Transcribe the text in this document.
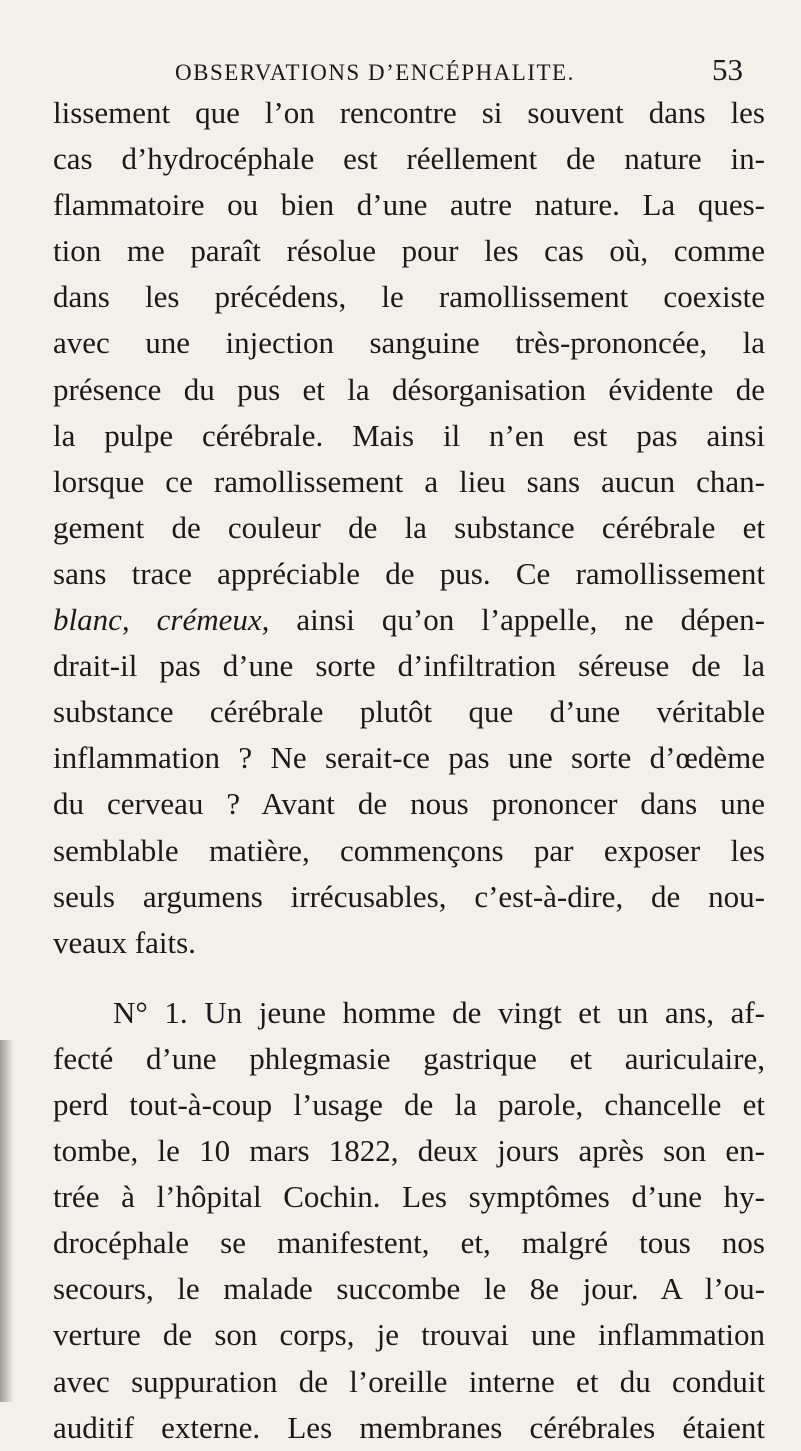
OBSERVATIONS D’ENCÉPHALITE.	53
lissement que l’on rencontre si souvent dans les
cas d’hydrocéphale est réellement de nature in-
flammatoire ou bien d’une autre nature. La ques-
tion me paraît résolue pour les cas où, comme
dans les précédens, le ramollissement coexiste
avec une injection sanguine très-prononcée, la
présence du pus et la désorganisation évidente de
la pulpe cérébrale. Mais il n’en est pas ainsi
lorsque ce ramollissement a lieu sans aucun chan-
gement de couleur de la substance cérébrale et
sans trace appréciable de pus. Ce ramollissement
blanc, crémeux, ainsi qu’on l’appelle, ne dépen-
drait-il pas d’une sorte d’infiltration séreuse de la
substance cérébrale plutôt que d’une véritable
inflammation ? Ne serait-ce pas une sorte d’œdème
du cerveau ? Avant de nous prononcer dans une
semblable matière, commençons par exposer les
seuls argumens irrécusables, c’est-à-dire, de nou-
veaux faits.
N° 1. Un jeune homme de vingt et un ans, af-
fecté d’une phlegmasie gastrique et auriculaire,
perd tout-à-coup l’usage de la parole, chancelle et
tombe, le 10 mars 1822, deux jours après son en-
trée à l’hôpital Cochin. Les symptômes d’une hy-
drocéphale se manifestent, et, malgré tous nos
secours, le malade succombe le 8e jour. A l’ou-
verture de son corps, je trouvai une inflammation
avec suppuration de l’oreille interne et du conduit
auditif externe. Les membranes cérébrales étaient
